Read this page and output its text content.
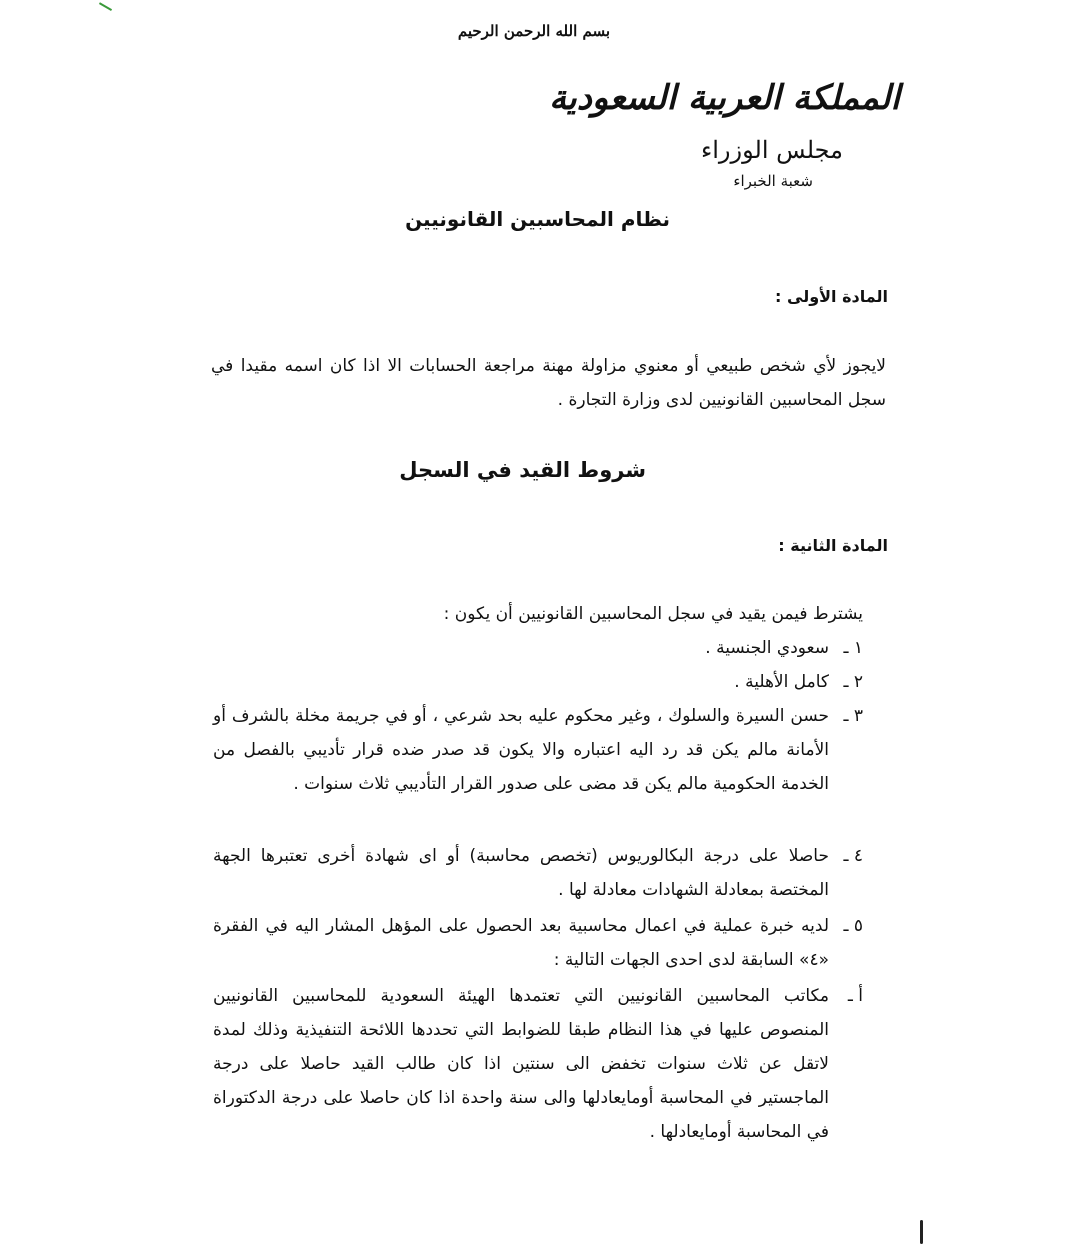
بسم الله الرحمن الرحيم
المملكة العربية السعودية
مجلس الوزراء
شعبة الخبراء
نظام المحاسبين القانونيين
المادة الأولى :
لايجوز لأي شخص طبيعي أو معنوي مزاولة مهنة مراجعة الحسابات الا اذا كان اسمه مقيدا في سجل المحاسبين القانونيين لدى وزارة التجارة .
شروط القيد في السجل
المادة الثانية :
يشترط فيمن يقيد في سجل المحاسبين القانونيين أن يكون :
١ ـ
سعودي الجنسية .
٢ ـ
كامل الأهلية .
٣ ـ
حسن السيرة والسلوك ، وغير محكوم عليه بحد شرعي ، أو في جريمة مخلة بالشرف أو الأمانة مالم يكن قد رد اليه اعتباره والا يكون قد صدر ضده قرار تأديبي بالفصل من الخدمة الحكومية مالم يكن قد مضى على صدور القرار التأديبي ثلاث سنوات .
٤ ـ
حاصلا على درجة البكالوريوس (تخصص محاسبة) أو اى شهادة أخرى تعتبرها الجهة المختصة بمعادلة الشهادات معادلة لها .
٥ ـ
لديه خبرة عملية في اعمال محاسبية بعد الحصول على المؤهل المشار اليه في الفقرة «٤» السابقة لدى احدى الجهات التالية :
أ ـ
مكاتب المحاسبين القانونيين التي تعتمدها الهيئة السعودية للمحاسبين القانونيين المنصوص عليها في هذا النظام طبقا للضوابط التي تحددها اللائحة التنفيذية وذلك لمدة لاتقل عن ثلاث سنوات تخفض الى سنتين اذا كان طالب القيد حاصلا على درجة الماجستير في المحاسبة أومايعادلها والى سنة واحدة اذا كان حاصلا على درجة الدكتوراة في المحاسبة أومايعادلها .
